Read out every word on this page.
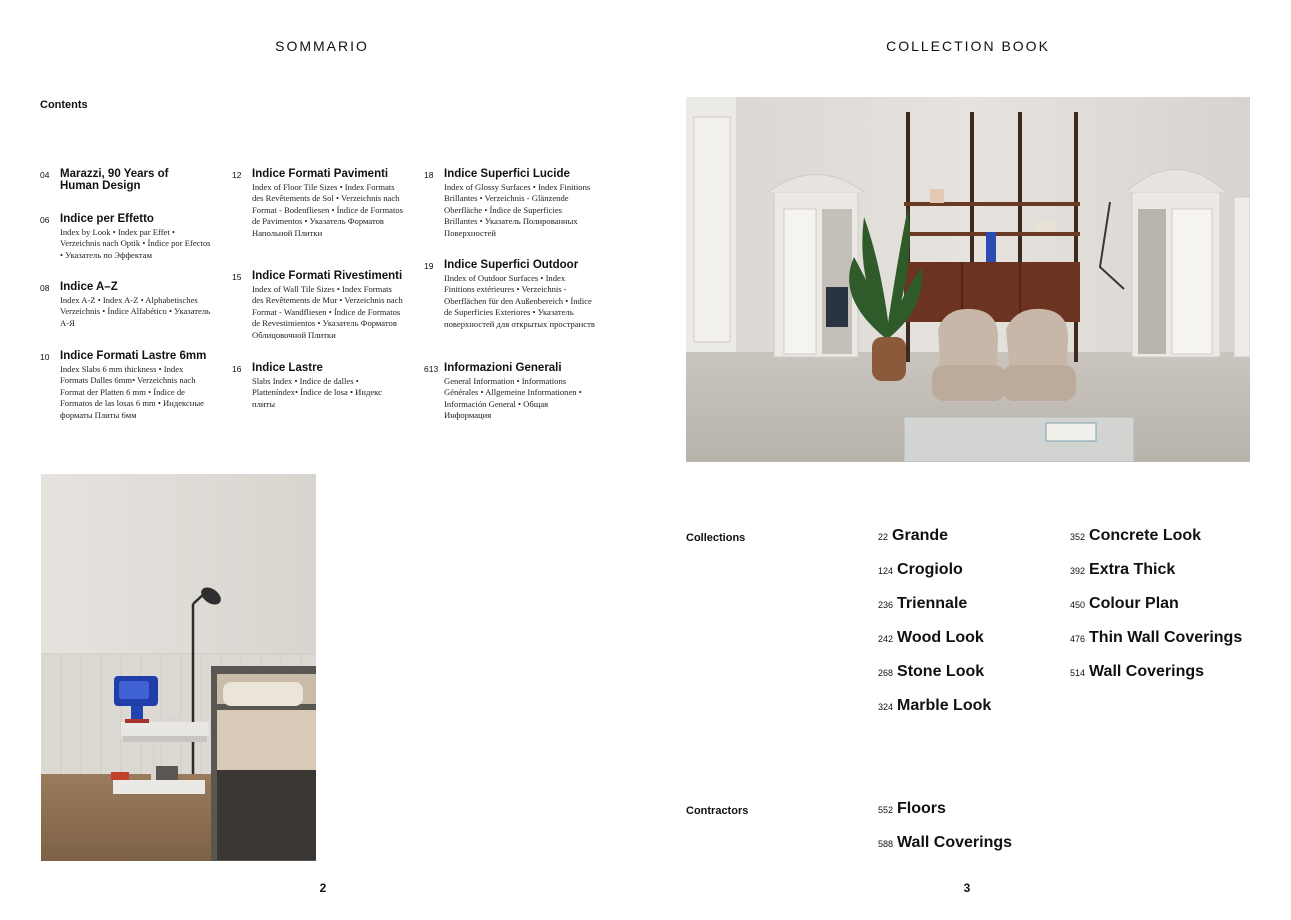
SOMMARIO
Contents
04 Marazzi, 90 Years of Human Design
06 Indice per Effetto
Index by Look • Index par Effet • Verzeichnis nach Optik • Índice por Efectos • Указатель по Эффектам
08 Indice A–Z
Index A-Z • Index A-Z • Alphabetisches Verzeichnis • Índice Alfabético • Указатель А-Я
10 Indice Formati Lastre 6mm
Index Slabs 6 mm thickness • Index Formats Dalles 6mm• Verzeichnis nach Format der Platten 6 mm • Índice de Formatos de las losas 6 mm • Индексные форматы Плиты 6мм
12 Indice Formati Pavimenti
Index of Floor Tile Sizes • Index Formats des Revêtements de Sol • Verzeichnis nach Format - Bodenfliesen • Índice de Formatos de Pavimentos • Указатель Форматов Напольной Плитки
15 Indice Formati Rivestimenti
Index of Wall Tile Sizes • Index Formats des Revêtements de Mur • Verzeichnis nach Format - Wandfliesen • Índice de Formatos de Revestimientos • Указатель Форматов Облицовочной Плитки
16 Indice Lastre
Slabs Index • Indice de dalles • Platteníndex• Índice de losa • Индекс плиты
18 Indice Superfici Lucide
Index of Glossy Surfaces • Index Finitions Brillantes • Verzeichnis - Glänzende Oberfläche • Índice de Superficies Brillantes • Указатель Полированных Поверхностей
19 Indice Superfici Outdoor
IIndex of Outdoor Surfaces • Index Finitions extérieures • Verzeichnis - Oberflächen für den Außenbereich • Índice de Superficies Exteriores • Указатель поверхностей для открытых пространств
613 Informazioni Generali
General Information • Informations Générales • Allgemeine Informationen • Información General • Общая Информация
2
COLLECTION BOOK
Collections	22 Grande
124 Crogiolo
236 Triennale
242 Wood Look
268 Stone Look
324 Marble Look
352 Concrete Look
392 Extra Thick
450 Colour Plan
476 Thin Wall Coverings
514 Wall Coverings
Contractors	552 Floors
588 Wall Coverings
3
